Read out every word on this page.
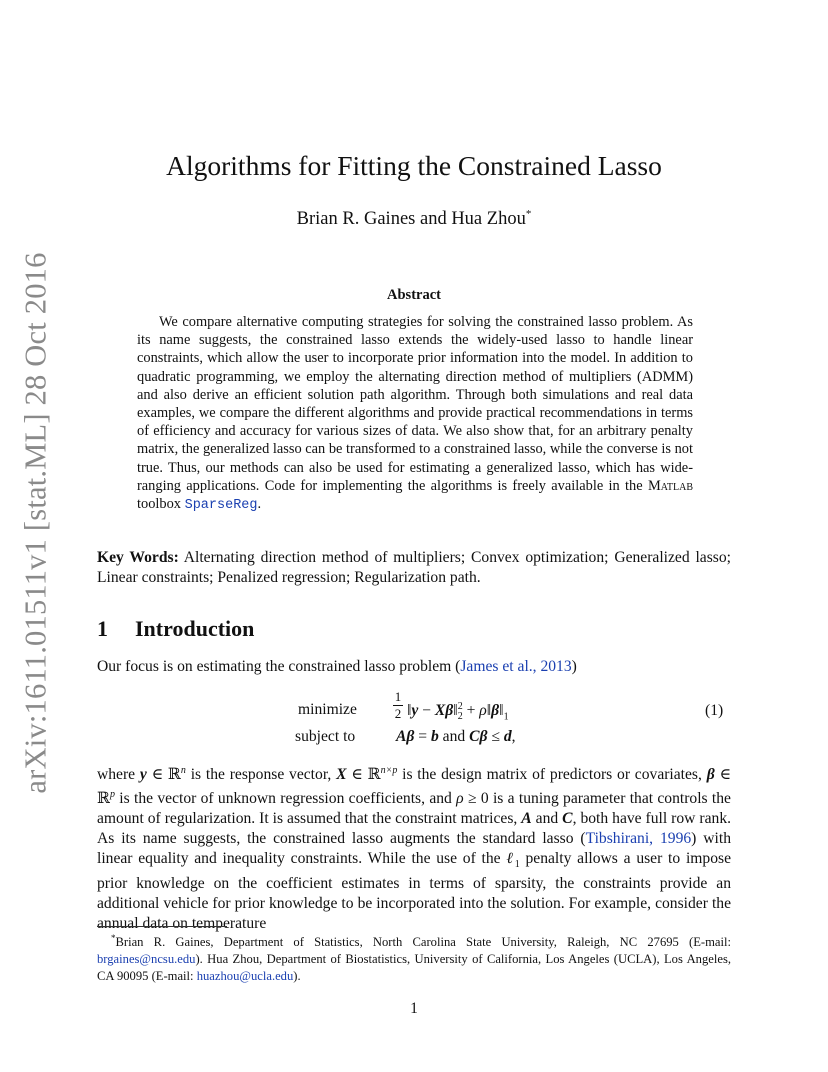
arXiv:1611.01511v1 [stat.ML] 28 Oct 2016
Algorithms for Fitting the Constrained Lasso
Brian R. Gaines and Hua Zhou*
Abstract

We compare alternative computing strategies for solving the constrained lasso problem. As its name suggests, the constrained lasso extends the widely-used lasso to handle linear constraints, which allow the user to incorporate prior information into the model. In addition to quadratic programming, we employ the alternating direction method of multipliers (ADMM) and also derive an efficient solution path algorithm. Through both simulations and real data examples, we compare the different algorithms and provide practical recommendations in terms of efficiency and accuracy for various sizes of data. We also show that, for an arbitrary penalty matrix, the generalized lasso can be transformed to a constrained lasso, while the converse is not true. Thus, our methods can also be used for estimating a generalized lasso, which has wide-ranging applications. Code for implementing the algorithms is freely available in the Matlab toolbox SparseReg.

Key Words: Alternating direction method of multipliers; Convex optimization; Generalized lasso; Linear constraints; Penalized regression; Regularization path.

1 Introduction
Our focus is on estimating the constrained lasso problem (James et al., 2013)
minimize
subject to
1
2 ‖y − Xβ‖$^2_2$ + $\rho‖\beta‖_1$
Aβ = b and Cβ ≤ d,
(1)

where y ∈ ℝ$^n$ is the response vector, X ∈ ℝ$^{n\times p}$ is the design matrix of predictors or covariates, β ∈ ℝ$^p$ is the vector of unknown regression coefficients, and ρ ≥ 0 is a tuning parameter that controls the amount of regularization. It is assumed that the constraint matrices, A and C, both have full row rank. As its name suggests, the constrained lasso augments the standard lasso (Tibshirani, 1996) with linear equality and inequality constraints. While the use of the ℓ$_1$ penalty allows a user to impose prior knowledge on the coefficient estimates in terms of sparsity, the constraints provide an additional vehicle for prior knowledge to be incorporated into the solution. For example, consider the annual data on temperature

*Brian R. Gaines, Department of Statistics, North Carolina State University, Raleigh, NC 27695 (E-mail: brgaines@ncsu.edu). Hua Zhou, Department of Biostatistics, University of California, Los Angeles (UCLA), Los Angeles, CA 90095 (E-mail: huazhou@ucla.edu).

1
